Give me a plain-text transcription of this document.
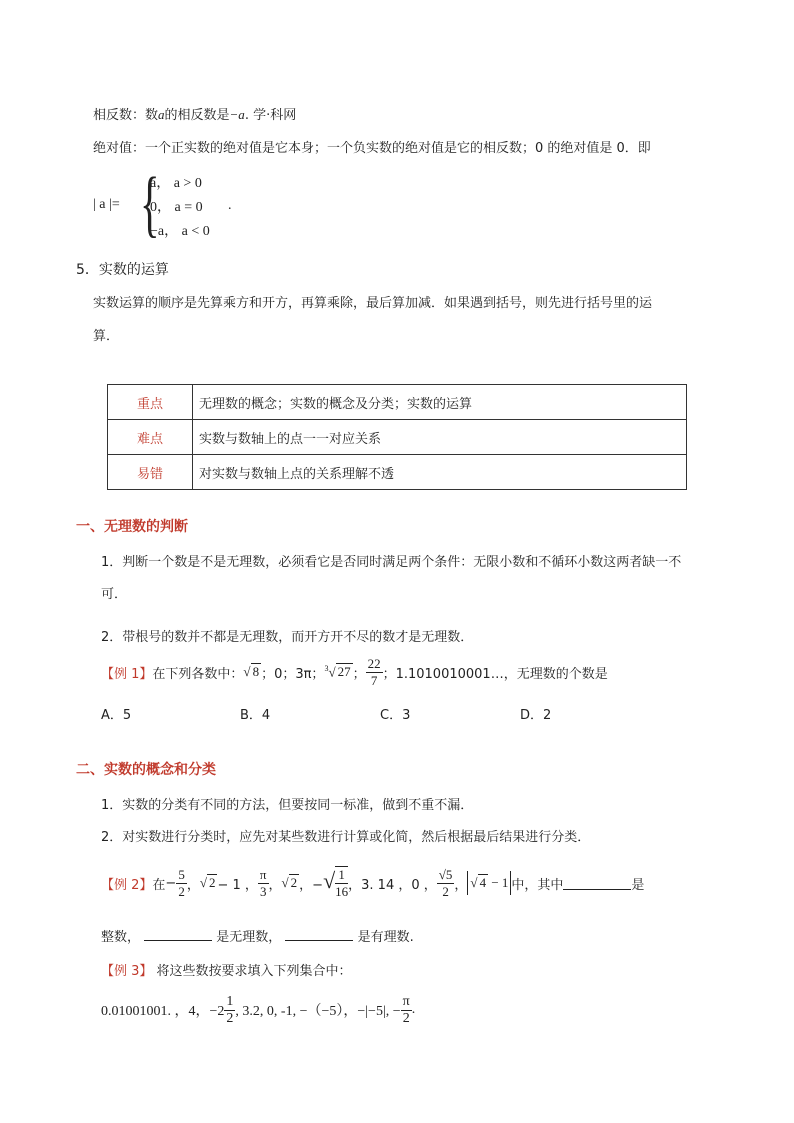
相反数：数a的相反数是−a. 学·科网
绝对值：一个正实数的绝对值是它本身；一个负实数的绝对值是它的相反数；0 的绝对值是 0．即
| a |= {
a， a > 0
0， a = 0
−a， a < 0
.
5．实数的运算
实数运算的顺序是先算乘方和开方，再算乘除，最后算加减．如果遇到括号，则先进行括号里的运
算．
重点	无理数的概念；实数的概念及分类；实数的运算
难点	实数与数轴上的点一一对应关系
易错	对实数与数轴上点的关系理解不透
一、无理数的判断
1．判断一个数是不是无理数，必须看它是否同时满足两个条件：无限小数和不循环小数这两者缺一不
可．
2．带根号的数并不都是无理数，而开方开不尽的数才是无理数．
【例 1】 在下列各数中： √ 8 ；0；3π； $^3$√ 27 ； $\frac{22}{7}$ ；1.1010010001…，无理数的个数是
A．5	B．4	C．3	D．2
二、实数的概念和分类
1．实数的分类有不同的方法，但要按同一标准，做到不重不漏．
2．对实数进行分类时，应先对某些数进行计算或化简，然后根据最后结果进行分类．
【例 2】 在 − $\frac{5}{2}$ ， √ 2 − 1 ， $\frac{\pi}{3}$ ， √ 2 ，− √ $\frac{1}{16}$ ，3. 14 ，0 ， $\frac{√5}{2}$ ， √ 4 − 1 中，其中	是
整数，	是无理数，	是有理数.
【例 3】 将这些数按要求填入下列集合中：
0.01001001. ，4，$-2 \frac{1}{2}$ , 3.2, 0, -1, −（−5），−|−5|, − $\frac{\pi}{2}$ .
